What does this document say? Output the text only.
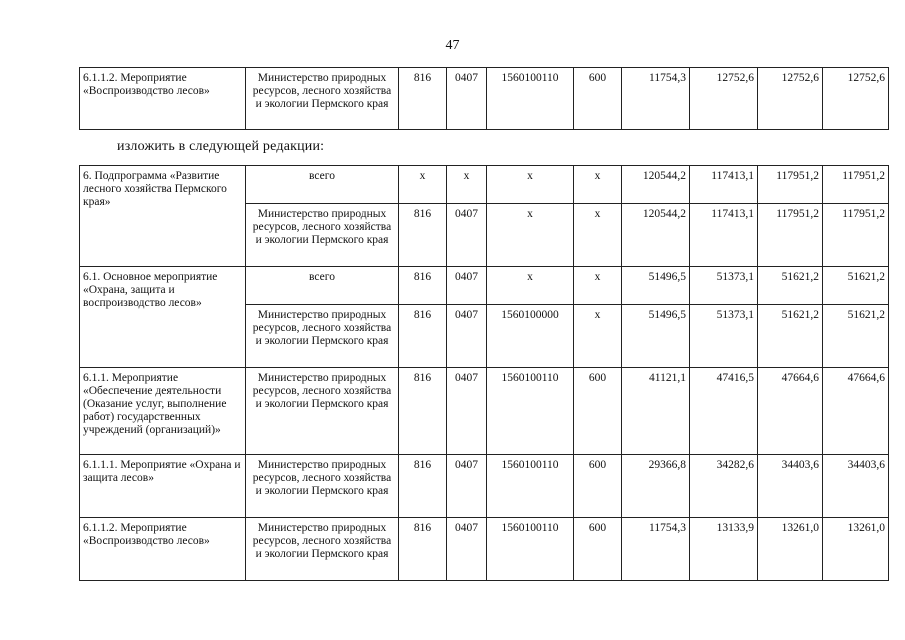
47
6.1.1.2. Мероприятие «Воспроизводство лесов»	Министерство природных ресурсов, лесного хозяйства и экологии Пермского края	816	0407	1560100110	600	11754,3	12752,6	12752,6	12752,6
изложить в следующей редакции:
6. Подпрограмма «Развитие лесного хозяйства Пермского края»	всего	х	х	х	х	120544,2	117413,1	117951,2	117951,2
	Министерство природных ресурсов, лесного хозяйства и экологии Пермского края	816	0407	х	х	120544,2	117413,1	117951,2	117951,2
6.1. Основное мероприятие «Охрана, защита и воспроизводство лесов»	всего	816	0407	х	х	51496,5	51373,1	51621,2	51621,2
	Министерство природных ресурсов, лесного хозяйства и экологии Пермского края	816	0407	1560100000	х	51496,5	51373,1	51621,2	51621,2
6.1.1. Мероприятие «Обеспечение деятельности (Оказание услуг, выполнение работ) государственных учреждений (организаций)»	Министерство природных ресурсов, лесного хозяйства и экологии Пермского края	816	0407	1560100110	600	41121,1	47416,5	47664,6	47664,6
6.1.1.1. Мероприятие «Охрана и защита лесов»	Министерство природных ресурсов, лесного хозяйства и экологии Пермского края	816	0407	1560100110	600	29366,8	34282,6	34403,6	34403,6
6.1.1.2. Мероприятие «Воспроизводство лесов»	Министерство природных ресурсов, лесного хозяйства и экологии Пермского края	816	0407	1560100110	600	11754,3	13133,9	13261,0	13261,0
